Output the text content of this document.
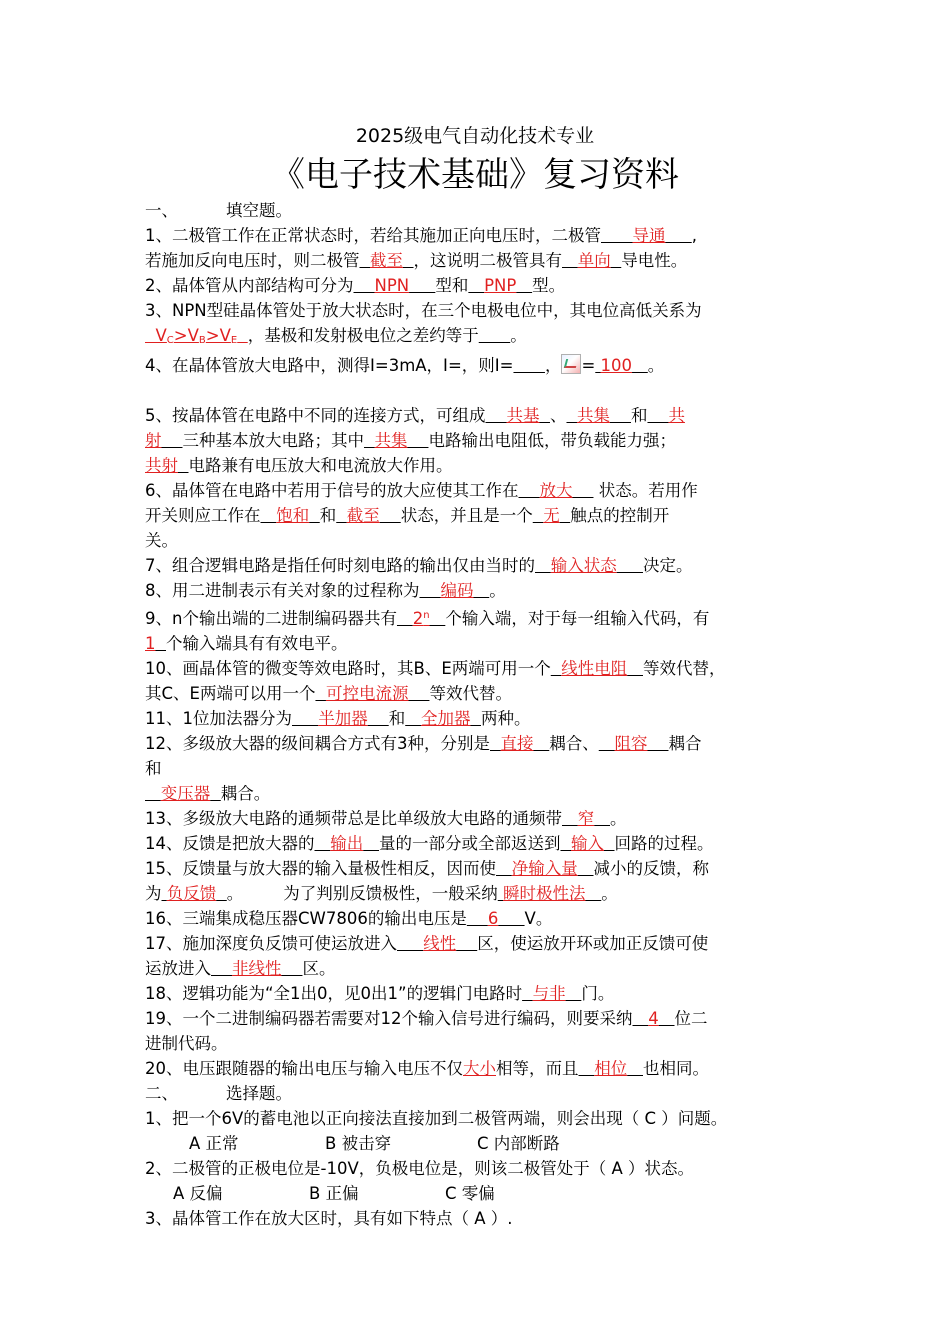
2025级电气自动化技术专业
《电子技术基础》复习资料

一、	填空题。

1、二极管工作在正常状态时，若给其施加正向电压时，二极管 导通 ,

若施加反向电压时，则二极管 截至 ，这说明二极管具有 单向 导电性。

2、晶体管从内部结构可分为 NPN 型和 PNP 型。

3、NPN型硅晶体管处于放大状态时，在三个电极电位中，其电位高低关系为

$V_C>V_B>V_E$ ，基极和发射极电位之差约等于 。

4、在晶体管放大电路中，测得I=3mA，I=，则I= ， = 100 。

5、按晶体管在电路中不同的连接方式，可组成 共基 、 共集 和 共

射 三种基本放大电路；其中 共集 电路输出电阻低，带负载能力强；

共射 电路兼有电压放大和电流放大作用。

6、晶体管在电路中若用于信号的放大应使其工作在 放大 状态。若用作

开关则应工作在 饱和 和 截至 状态，并且是一个 无 触点的控制开

关。

7、组合逻辑电路是指任何时刻电路的输出仅由当时的 输入状态 决定。

8、用二进制表示有关对象的过程称为 编码 。

9、n个输出端的二进制编码器共有 2$^n$ 个输入端，对于每一组输入代码，有

1 个输入端具有有效电平。

10、画晶体管的微变等效电路时，其B、E两端可用一个 线性电阻 等效代替，

其C、E两端可以用一个 可控电流源 等效代替。

11、1位加法器分为 半加器 和 全加器 两种。

12、多级放大器的级间耦合方式有3种，分别是 直接 耦合、 阻容 耦合

和

变压器 耦合。

13、多级放大电路的通频带总是比单级放大电路的通频带 窄 。

14、反馈是把放大器的 输出 量的一部分或全部返送到 输入 回路的过程。

15、反馈量与放大器的输入量极性相反，因而使 净输入量 减小的反馈，称

为 负反馈 。 为了判别反馈极性，一般采纳 瞬时极性法 。

16、三端集成稳压器CW7806的输出电压是 6 V。

17、施加深度负反馈可使运放进入 线性 区，使运放开环或加正反馈可使

运放进入 非线性 区。

18、逻辑功能为“全1出0，见0出1”的逻辑门电路时 与非 门。

19、一个二进制编码器若需要对12个输入信号进行编码，则要采纳 4 位二

进制代码。

20、电压跟随器的输出电压与输入电压不仅大小相等，而且 相位 也相同。

二、	选择题。

1、把一个6V的蓄电池以正向接法直接加到二极管两端，则会出现（ C ）问题。

A 正常	B 被击穿	C 内部断路

2、二极管的正极电位是-10V，负极电位是，则该二极管处于（ A ）状态。

A 反偏	B 正偏	C 零偏

3、晶体管工作在放大区时，具有如下特点（ A ）.
